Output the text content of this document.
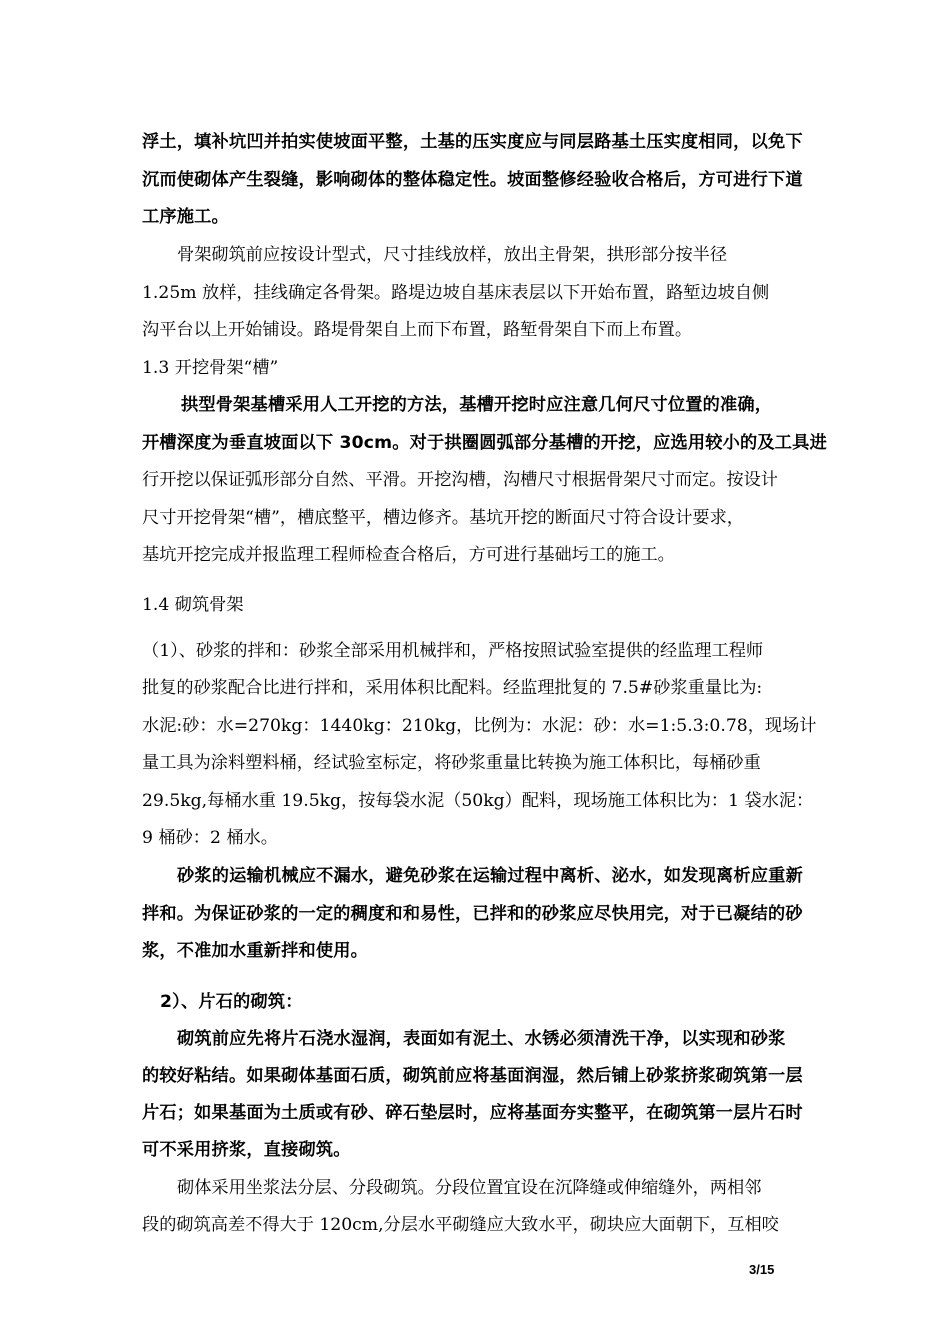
浮土，填补坑凹并拍实使坡面平整，土基的压实度应与同层路基土压实度相同，以免下
沉而使砌体产生裂缝，影响砌体的整体稳定性。坡面整修经验收合格后，方可进行下道
工序施工。
骨架砌筑前应按设计型式，尺寸挂线放样，放出主骨架，拱形部分按半径
1.25m 放样，挂线确定各骨架。路堤边坡自基床表层以下开始布置，路堑边坡自侧
沟平台以上开始铺设。路堤骨架自上而下布置，路堑骨架自下而上布置。
1.3 开挖骨架“槽”
拱型骨架基槽采用人工开挖的方法，基槽开挖时应注意几何尺寸位置的准确，
开槽深度为垂直坡面以下 30cm。对于拱圈圆弧部分基槽的开挖，应选用较小的及工具进
行开挖以保证弧形部分自然、平滑。开挖沟槽，沟槽尺寸根据骨架尺寸而定。按设计
尺寸开挖骨架“槽”，槽底整平，槽边修齐。基坑开挖的断面尺寸符合设计要求，
基坑开挖完成并报监理工程师检查合格后，方可进行基础圬工的施工。
1.4 砌筑骨架
（1）、砂浆的拌和：砂浆全部采用机械拌和，严格按照试验室提供的经监理工程师
批复的砂浆配合比进行拌和，采用体积比配料。经监理批复的 7.5#砂浆重量比为:
水泥:砂：水=270kg：1440kg：210kg，比例为：水泥：砂：水=1:5.3:0.78，现场计
量工具为涂料塑料桶，经试验室标定，将砂浆重量比转换为施工体积比，每桶砂重
29.5kg,每桶水重 19.5kg，按每袋水泥（50kg）配料，现场施工体积比为：1 袋水泥：
9 桶砂：2 桶水。
砂浆的运输机械应不漏水，避免砂浆在运输过程中离析、泌水，如发现离析应重新
拌和。为保证砂浆的一定的稠度和和易性，已拌和的砂浆应尽快用完，对于已凝结的砂
浆，不准加水重新拌和使用。
2）、片石的砌筑：
砌筑前应先将片石浇水湿润，表面如有泥土、水锈必须清洗干净，以实现和砂浆
的较好粘结。如果砌体基面石质，砌筑前应将基面润湿，然后铺上砂浆挤浆砌筑第一层
片石；如果基面为土质或有砂、碎石垫层时，应将基面夯实整平，在砌筑第一层片石时
可不采用挤浆，直接砌筑。
砌体采用坐浆法分层、分段砌筑。分段位置宜设在沉降缝或伸缩缝外，两相邻
段的砌筑高差不得大于 120cm,分层水平砌缝应大致水平，砌块应大面朝下，互相咬
3/15
